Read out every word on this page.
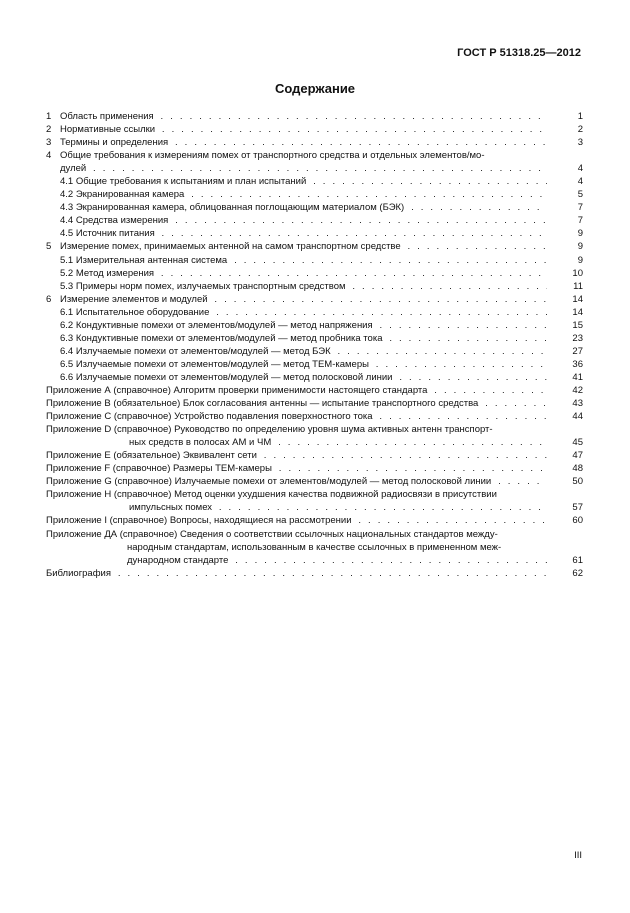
ГОСТ Р 51318.25—2012
Содержание
1 Область применения . . .	1
2 Нормативные ссылки . . .	2
3 Термины и определения . . .	3
4 Общие требования к измерениям помех от транспортного средства и отдельных элементов/мо-
дулей . . .	4
4.1 Общие требования к испытаниям и план испытаний . . .	4
4.2 Экранированная камера . . .	5
4.3 Экранированная камера, облицованная поглощающим материалом (БЭК) . . .	7
4.4 Средства измерения . . .	7
4.5 Источник питания . . .	9
5 Измерение помех, принимаемых антенной на самом транспортном средстве . . .	9
5.1 Измерительная антенная система . . .	9
5.2 Метод измерения . . .	10
5.3 Примеры норм помех, излучаемых транспортным средством . . .	11
6 Измерение элементов и модулей . . .	14
6.1 Испытательное оборудование . . .	14
6.2 Кондуктивные помехи от элементов/модулей — метод напряжения . . .	15
6.3 Кондуктивные помехи от элементов/модулей — метод пробника тока . . .	23
6.4 Излучаемые помехи от элементов/модулей — метод БЭК . . .	27
6.5 Излучаемые помехи от элементов/модулей — метод ТЕМ-камеры . . .	36
6.6 Излучаемые помехи от элементов/модулей — метод полосковой линии . . .	41
Приложение А (справочное) Алгоритм проверки применимости настоящего стандарта . . .	42
Приложение В (обязательное) Блок согласования антенны — испытание транспортного средства . . .	43
Приложение С (справочное) Устройство подавления поверхностного тока . . .	44
Приложение D (справочное) Руководство по определению уровня шума активных антенн транспорт-
ных средств в полосах АМ и ЧМ . . .	45
Приложение Е (обязательное) Эквивалент сети . . .	47
Приложение F (справочное) Размеры ТЕМ-камеры . . .	48
Приложение G (справочное) Излучаемые помехи от элементов/модулей — метод полосковой линии . . .	50
Приложение Н (справочное) Метод оценки ухудшения качества подвижной радиосвязи в присутствии
импульсных помех . . .	57
Приложение I (справочное) Вопросы, находящиеся на рассмотрении . . .	60
Приложение ДА (справочное) Сведения о соответствии ссылочных национальных стандартов между-
народным стандартам, использованным в качестве ссылочных в примененном меж-
дународном стандарте . . .	61
Библиография . . .	62
III
